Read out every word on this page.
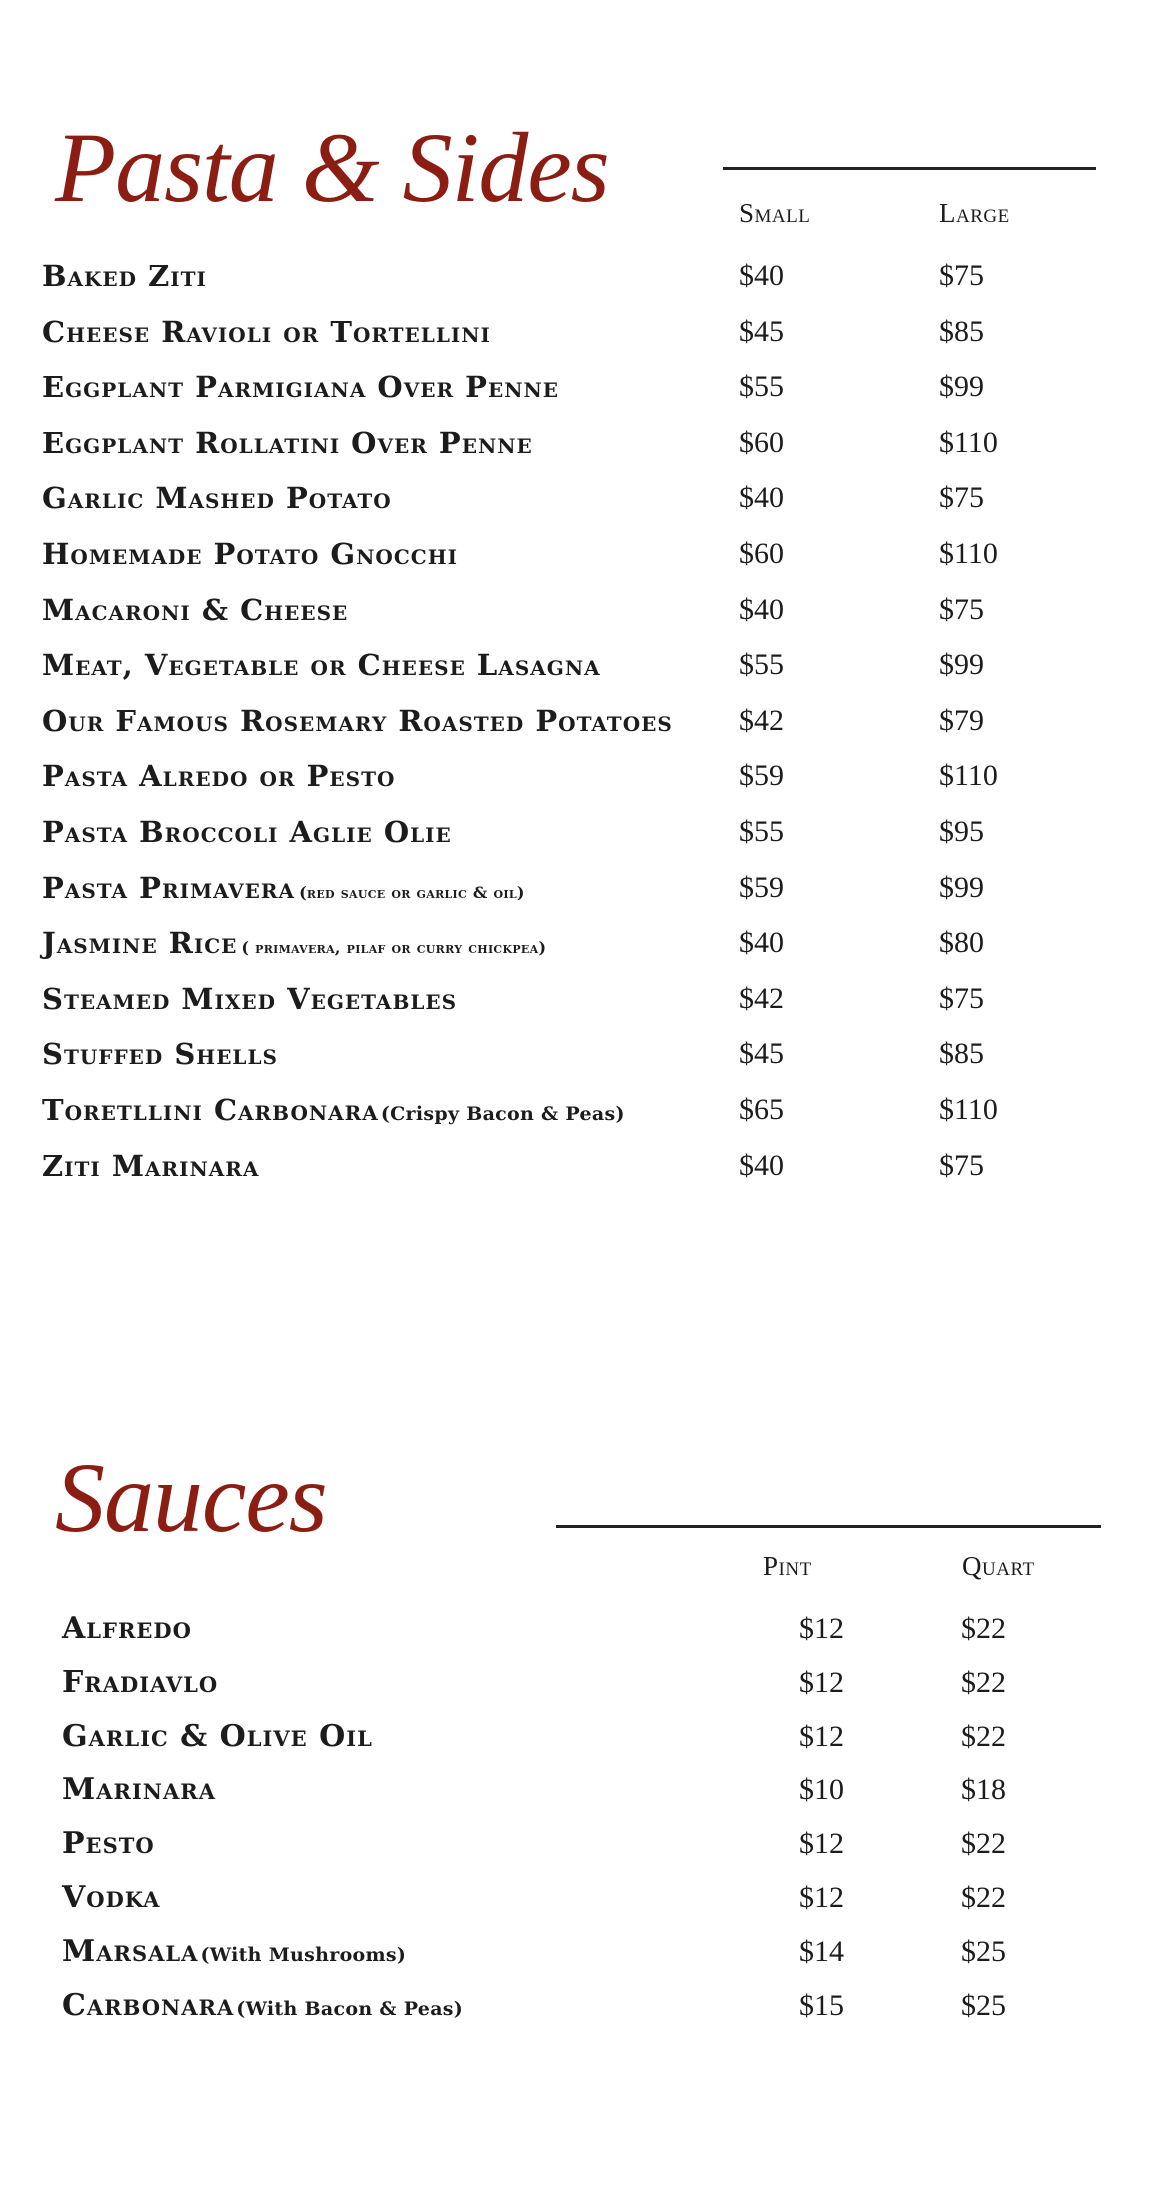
Pasta & Sides	Small	Large
Baked Ziti	$40	$75
Cheese Ravioli or Tortellini	$45	$85
Eggplant Parmigiana Over Penne	$55	$99
Eggplant Rollatini Over Penne	$60	$110
Garlic Mashed Potato	$40	$75
Homemade Potato Gnocchi	$60	$110
Macaroni & Cheese	$40	$75
Meat, Vegetable or Cheese Lasagna	$55	$99
Our Famous Rosemary Roasted Potatoes $42	$79
Pasta Alredo or Pesto	$59	$110
Pasta Broccoli Aglie Olie	$55	$95
Pasta Primavera (red sauce or garlic & oil)	$59	$99
Jasmine Rice ( primavera, pilaf or curry chickpea)	$40	$80
Steamed Mixed Vegetables	$42	$75
Stuffed Shells	$45	$85
Toretllini Carbonara (Crispy Bacon & Peas)	$65	$110
Ziti Marinara	$40	$75
Sauces
Pint	Quart
Alfredo	$12	$22
Fradiavlo	$12	$22
Garlic & Olive Oil	$12	$22
Marinara	$10	$18
Pesto	$12	$22
Vodka	$12	$22
Marsala (With Mushrooms)	$14	$25
Carbonara (With Bacon & Peas)	$15	$25
